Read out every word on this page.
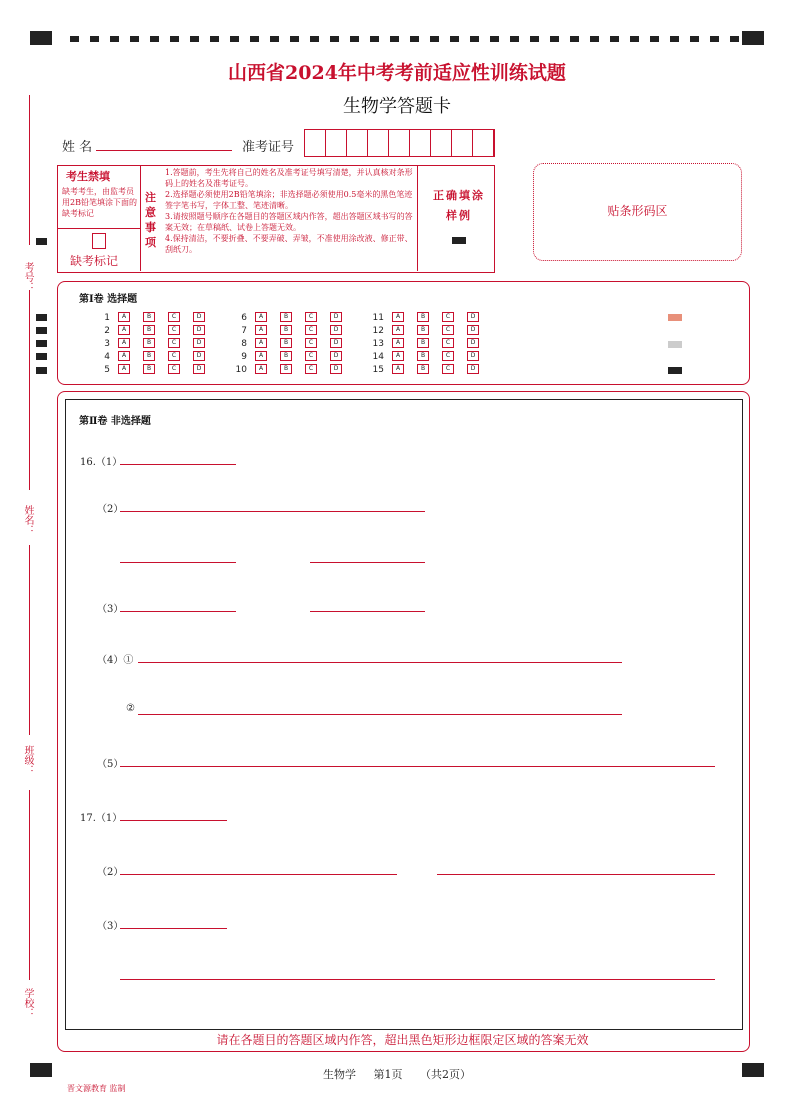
山西省2024年中考考前适应性训练试题
生物学答题卡
姓 名	准考证号
考生禁填
缺考考生，由监考员用2B铅笔填涂下面的缺考标记
缺考标记
注意事项
1.答题前，考生先将自己的姓名及准考证号填写清楚，并认真核对条形码上的姓名及准考证号。
2.选择题必须使用2B铅笔填涂；非选择题必须使用0.5毫米的黑色笔迹签字笔书写，字体工整、笔迹清晰。
3.请按照题号顺序在各题目的答题区域内作答，超出答题区域书写的答案无效；在草稿纸、试卷上答题无效。
4.保持清洁，不要折叠、不要弄破、弄皱，不准使用涂改液、修正带、刮纸刀。
正确填涂样例	贴条形码区
考号：
姓名：
班级：
学校：
第Ⅰ卷 选择题
1 A	B	C	D
2 A	B	C	D
3 A	B	C	D
4 A	B	C	D
5 A	B	C	D
6 A	B	C	D
7 A	B	C	D
8 A	B	C	D
9 A	B	C	D
10 A	B	C	D
11 A	B	C	D
12 A	B	C	D
13 A	B	C	D
14 A	B	C	D
15 A	B	C	D
第Ⅱ卷 非选择题
16.（1）
（2）
（3）
（4）①
②
（5）
17.（1）
（2）
（3）
请在各题目的答题区域内作答，超出黑色矩形边框限定区域的答案无效
生物学     第1页     （共2页）
晋文源教育 监制
